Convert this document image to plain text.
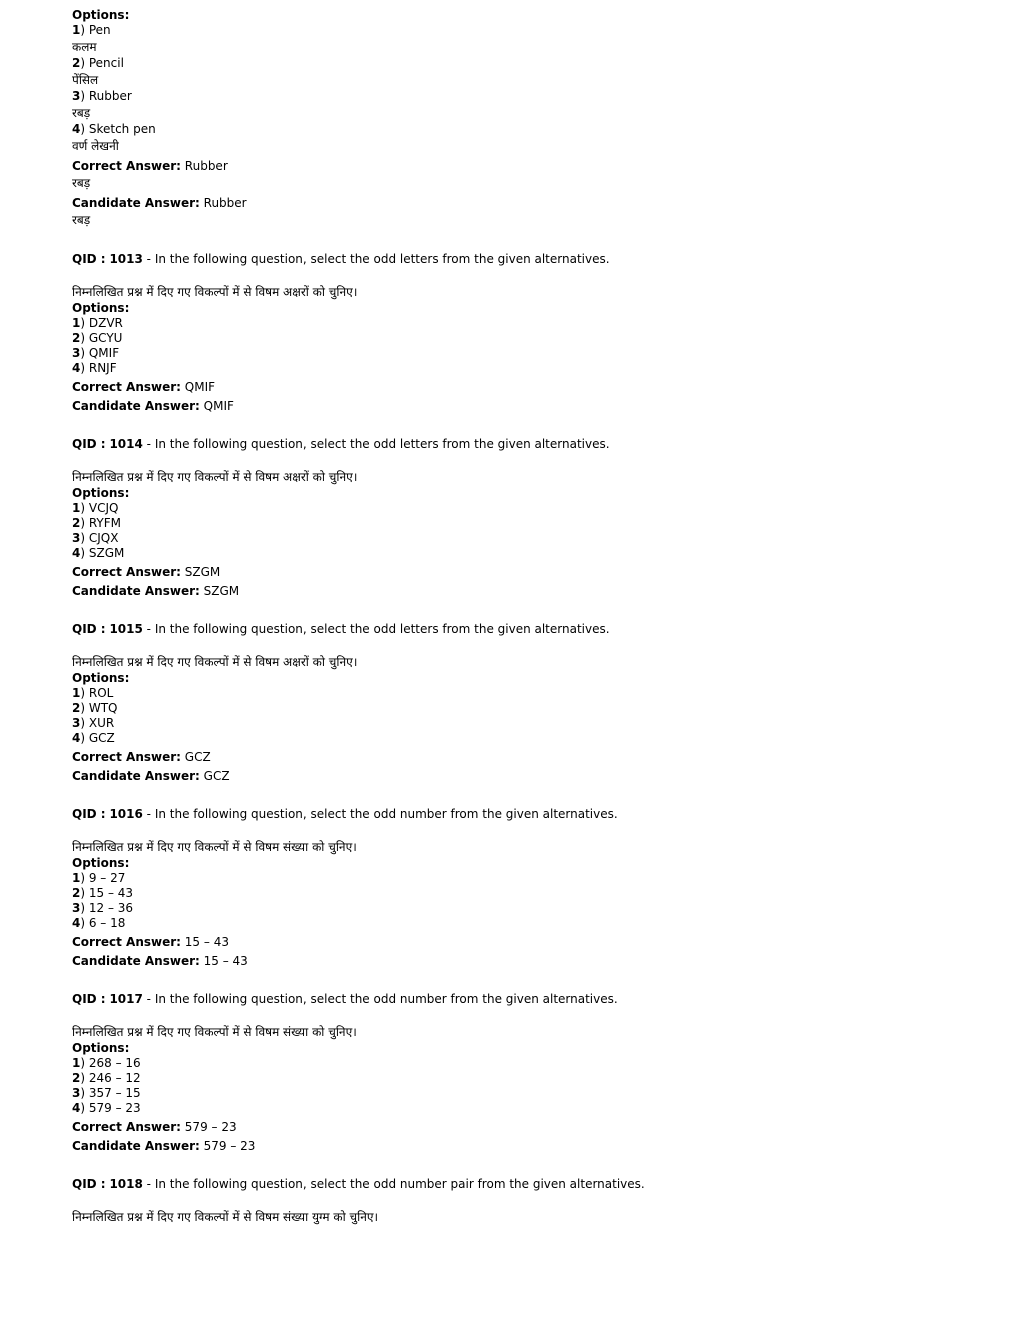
Options:
1) Pen
कलम
2) Pencil
पेंसिल
3) Rubber
रबड़
4) Sketch pen
वर्ण लेखनी
Correct Answer: Rubber
रबड़
Candidate Answer: Rubber
रबड़
QID : 1013 - In the following question, select the odd letters from the given alternatives.
निम्नलिखित प्रश्न में दिए गए विकल्पों में से विषम अक्षरों को चुनिए।
Options:
1) DZVR
2) GCYU
3) QMIF
4) RNJF
Correct Answer: QMIF
Candidate Answer: QMIF
QID : 1014 - In the following question, select the odd letters from the given alternatives.
निम्नलिखित प्रश्न में दिए गए विकल्पों में से विषम अक्षरों को चुनिए।
Options:
1) VCJQ
2) RYFM
3) CJQX
4) SZGM
Correct Answer: SZGM
Candidate Answer: SZGM
QID : 1015 - In the following question, select the odd letters from the given alternatives.
निम्नलिखित प्रश्न में दिए गए विकल्पों में से विषम अक्षरों को चुनिए।
Options:
1) ROL
2) WTQ
3) XUR
4) GCZ
Correct Answer: GCZ
Candidate Answer: GCZ
QID : 1016 - In the following question, select the odd number from the given alternatives.
निम्नलिखित प्रश्न में दिए गए विकल्पों में से विषम संख्या को चुनिए।
Options:
1) 9 – 27
2) 15 – 43
3) 12 – 36
4) 6 – 18
Correct Answer: 15 – 43
Candidate Answer: 15 – 43
QID : 1017 - In the following question, select the odd number from the given alternatives.
निम्नलिखित प्रश्न में दिए गए विकल्पों में से विषम संख्या को चुनिए।
Options:
1) 268 – 16
2) 246 – 12
3) 357 – 15
4) 579 – 23
Correct Answer: 579 – 23
Candidate Answer: 579 – 23
QID : 1018 - In the following question, select the odd number pair from the given alternatives.
निम्नलिखित प्रश्न में दिए गए विकल्पों में से विषम संख्या युग्म को चुनिए।
